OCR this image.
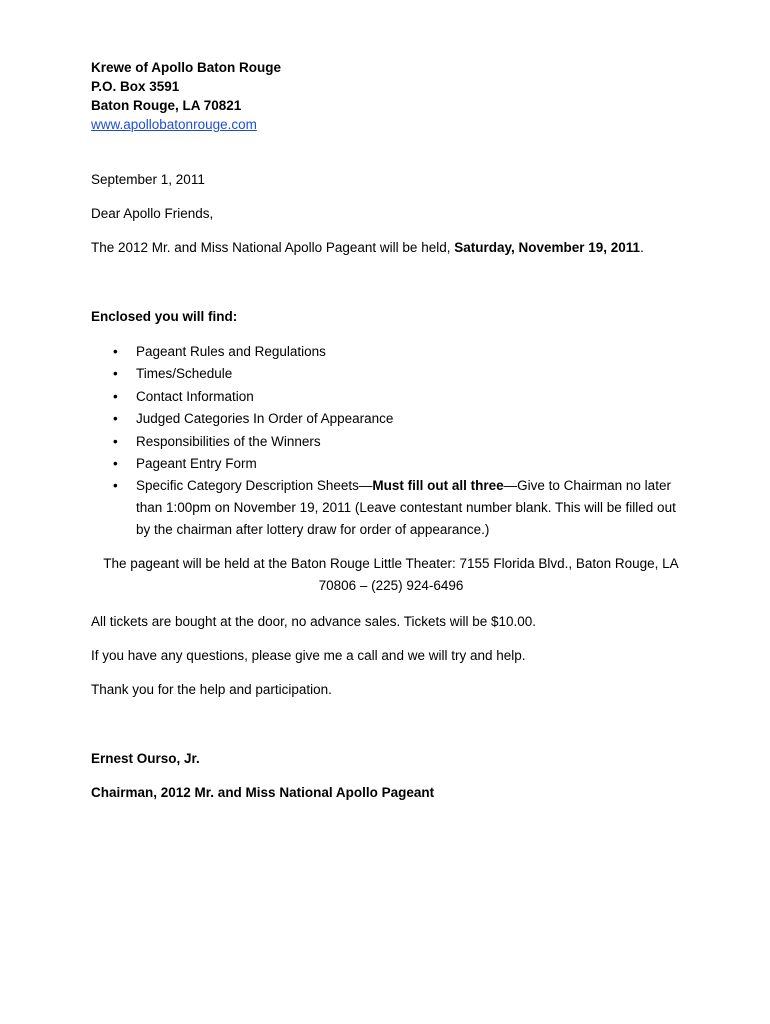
Krewe of Apollo Baton Rouge
P.O. Box 3591
Baton Rouge, LA 70821
www.apollobatonrouge.com
September 1, 2011
Dear Apollo Friends,
The 2012 Mr. and Miss National Apollo Pageant will be held, Saturday, November 19, 2011.
Enclosed you will find:
• Pageant Rules and Regulations
• Times/Schedule
• Contact Information
• Judged Categories In Order of Appearance
• Responsibilities of the Winners
• Pageant Entry Form
• Specific Category Description Sheets—Must fill out all three—Give to Chairman no later than 1:00pm on November 19, 2011 (Leave contestant number blank. This will be filled out by the chairman after lottery draw for order of appearance.)
The pageant will be held at the Baton Rouge Little Theater: 7155 Florida Blvd., Baton Rouge, LA
70806 – (225) 924-6496
All tickets are bought at the door, no advance sales. Tickets will be $10.00.
If you have any questions, please give me a call and we will try and help.
Thank you for the help and participation.
Ernest Ourso, Jr.
Chairman, 2012 Mr. and Miss National Apollo Pageant
